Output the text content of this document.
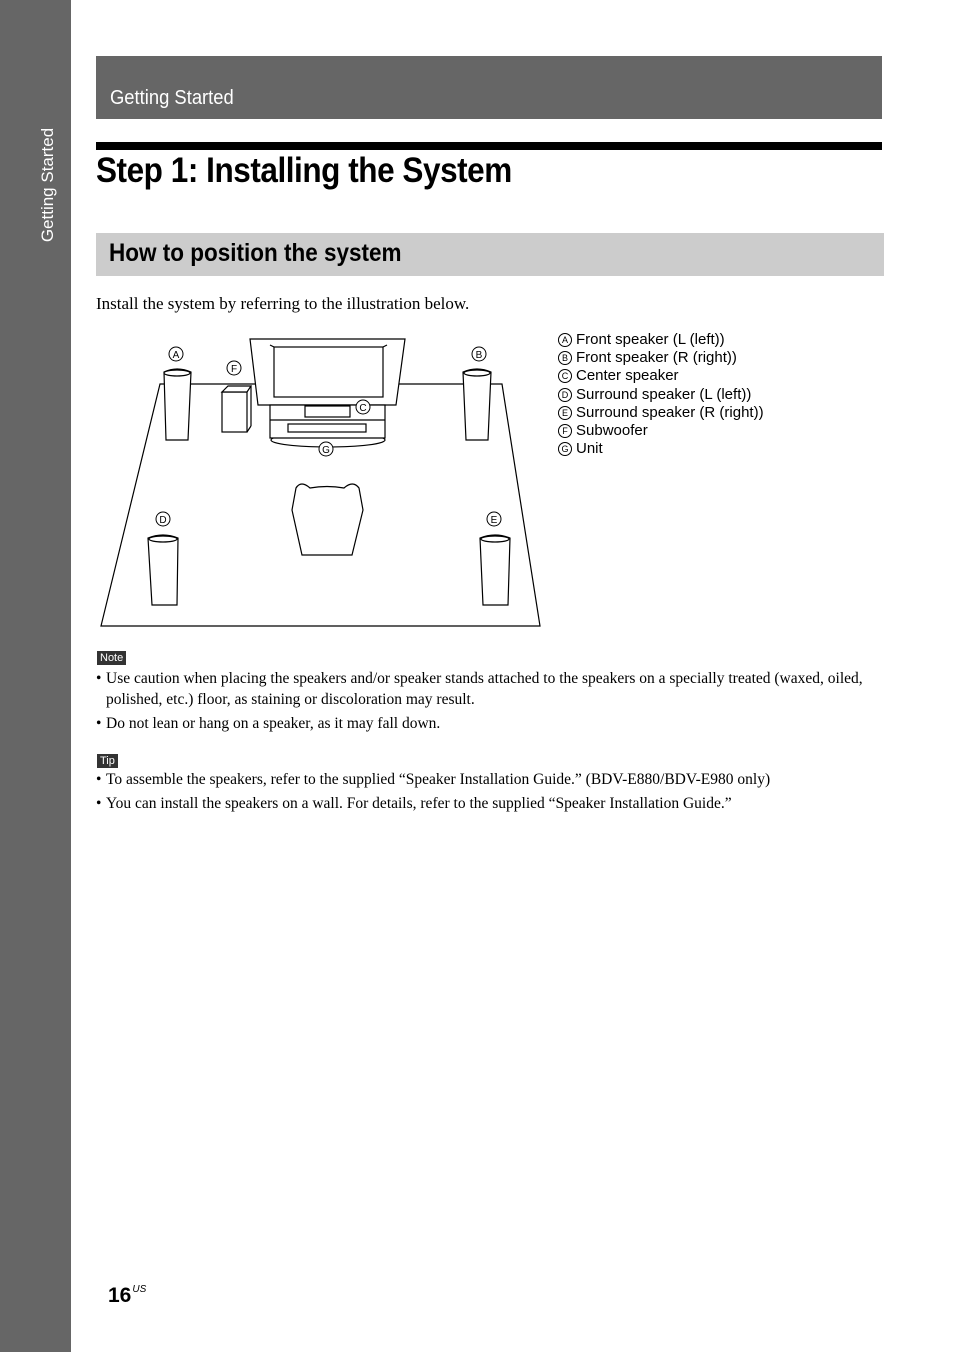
Getting Started
Getting Started
Step 1: Installing the System
How to position the system
Install the system by referring to the illustration below.
A	B
C
D	E
F
G
A Front speaker (L (left))
B Front speaker (R (right))
C Center speaker
D Surround speaker (L (left))
E Surround speaker (R (right))
F Subwoofer
G Unit
Note
• Use caution when placing the speakers and/or speaker stands attached to the speakers on a specially treated (waxed, oiled, polished, etc.) floor, as staining or discoloration may result.
• Do not lean or hang on a speaker, as it may fall down.
Tip
• To assemble the speakers, refer to the supplied “Speaker Installation Guide.” (BDV-E880/BDV-E980 only)
• You can install the speakers on a wall. For details, refer to the supplied “Speaker Installation Guide.”
$16^{US}$
